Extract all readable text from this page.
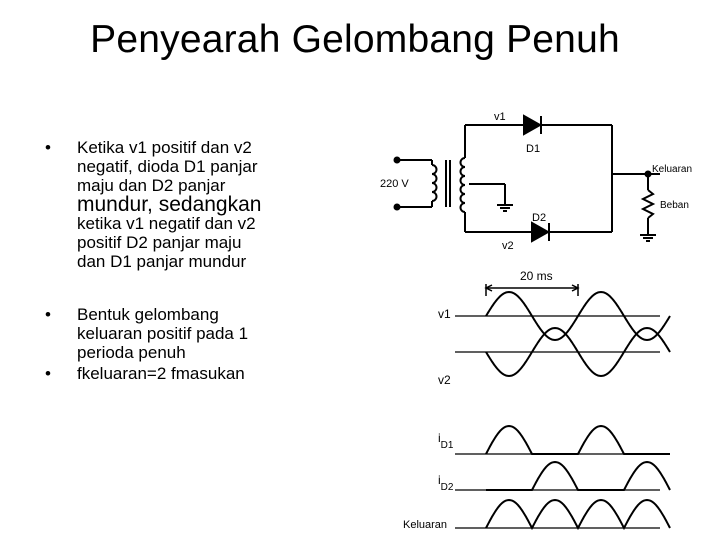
Penyearah Gelombang Penuh
• Ketika v1 positif dan v2
negatif, dioda D1 panjar
maju dan D2 panjar
mundur, sedangkan
ketika v1 negatif dan v2
positif D2 panjar maju
dan D1 panjar mundur
• Bentuk gelombang
keluaran positif pada 1
perioda penuh
• fkeluaran=2 fmasukan
v1
D1
220 V
D2
v2
Keluaran
Beban
20 ms
v1
v2
$i_{D1}$
$i_{D2}$
Keluaran
